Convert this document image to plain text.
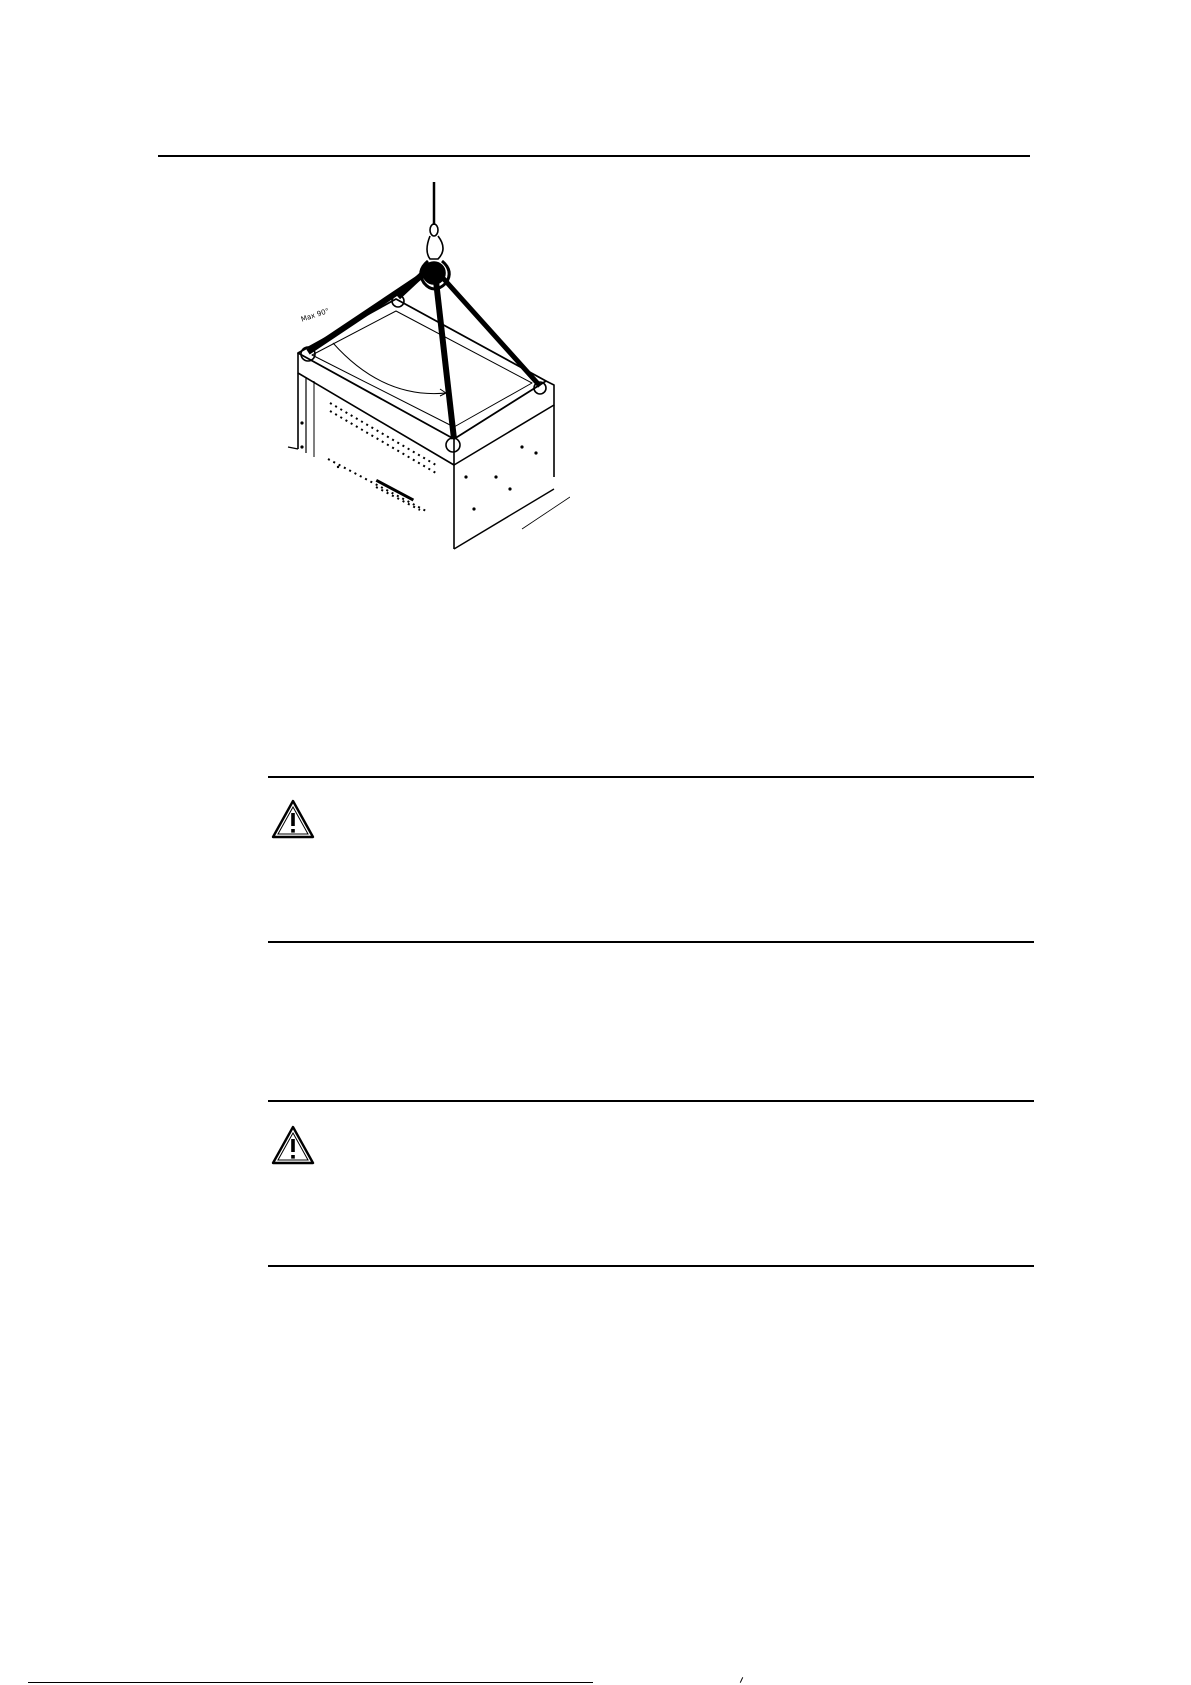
Max 90°
